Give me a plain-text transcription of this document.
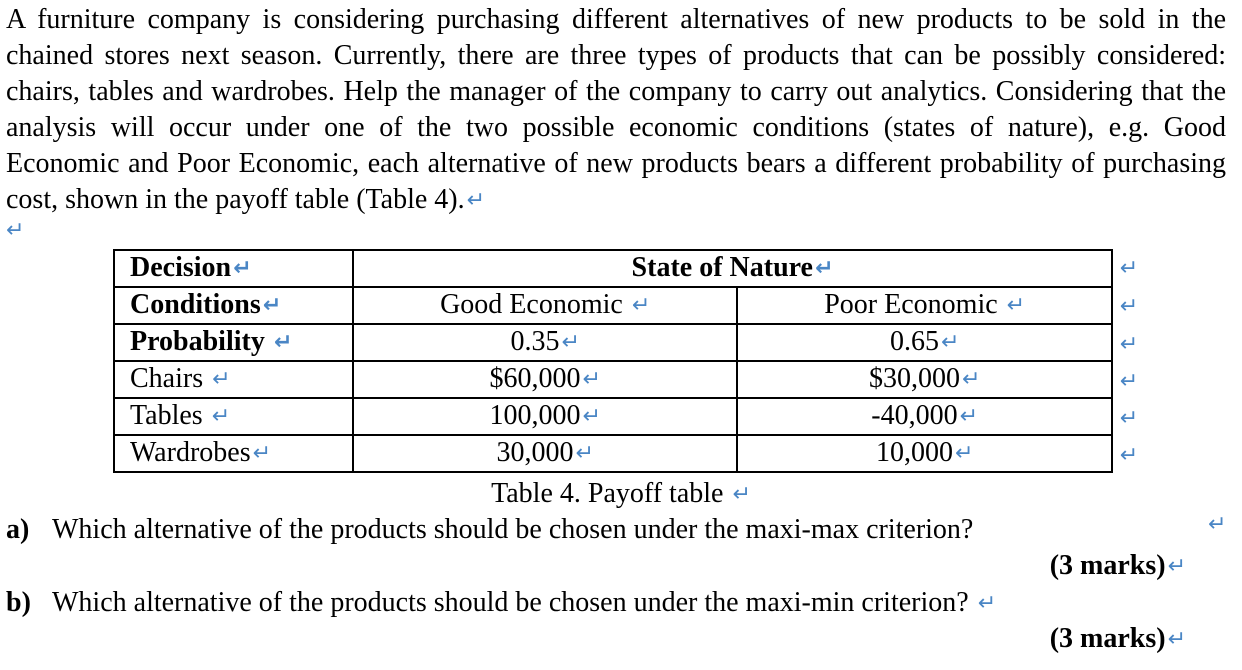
A furniture company is considering purchasing different alternatives of new products to be sold in the chained stores next season. Currently, there are three types of products that can be possibly considered: chairs, tables and wardrobes. Help the manager of the company to carry out analytics. Considering that the analysis will occur under one of the two possible economic conditions (states of nature), e.g. Good Economic and Poor Economic, each alternative of new products bears a different probability of purchasing cost, shown in the payoff table (Table 4).↵
↵
Decision↵	State of Nature↵	
Conditions↵	Good Economic ↵	Poor Economic ↵
Probability ↵	0.35↵	0.65↵
Chairs ↵	$60,000↵	$30,000↵
Tables ↵	100,000↵	-40,000↵
Wardrobes↵	30,000↵	10,000↵
↵
↵
↵
↵
↵
↵
Table 4. Payoff table ↵
a) Which alternative of the products should be chosen under the maxi-max criterion?	↵
(3 marks)↵
b) Which alternative of the products should be chosen under the maxi-min criterion? ↵
(3 marks)↵
